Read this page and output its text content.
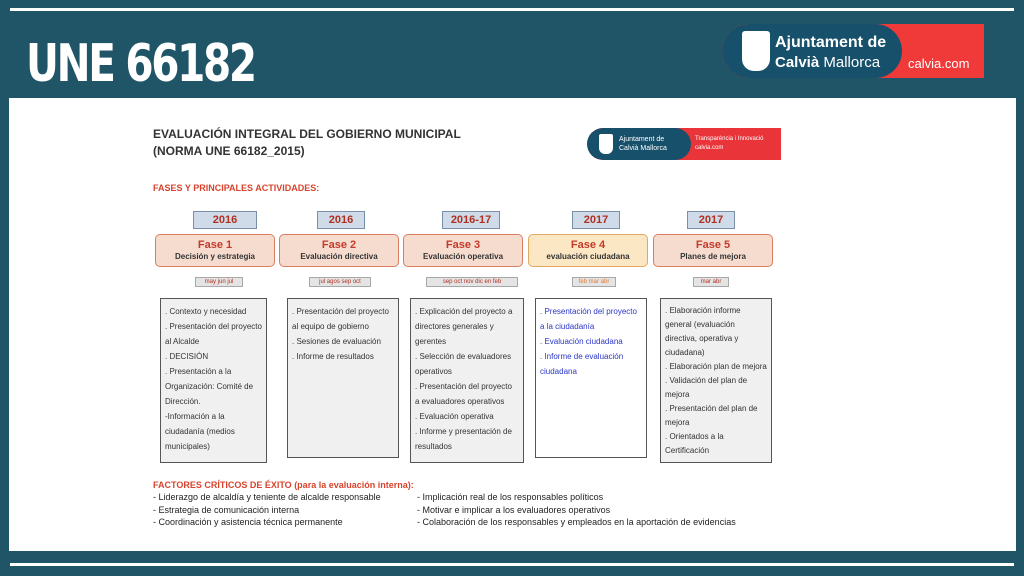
UNE 66182	Ajuntament de
Calvià Mallorca calvia.com
EVALUACIÓN INTEGRAL DEL GOBIERNO MUNICIPAL
(NORMA UNE 66182_2015)
Ajuntament de
Calvià Mallorca
Transparència i Innovació
calvia.com
FASES Y PRINCIPALES ACTIVIDADES:
2016
Fase 1
Decisión y estrategia
may jun jul
. Contexto y necesidad
. Presentación del proyecto
al Alcalde
. DECISIÓN
. Presentación a la
Organización: Comité de
Dirección.
-Información a la
ciudadanía (medios
municipales)
2016
Fase 2
Evaluación directiva
jul agos sep oct
. Presentación del proyecto
al equipo de gobierno
. Sesiones de evaluación
. Informe de resultados
2016-17
Fase 3
Evaluación operativa
sep oct nov dic en feb
. Explicación del proyecto a
directores generales y
gerentes
. Selección de evaluadores
operativos
. Presentación del proyecto
a evaluadores operativos
. Evaluación operativa
. Informe y presentación de
resultados
2017
Fase 4
evaluación ciudadana
feb mar abr
. Presentación del proyecto
a la ciudadanía
. Evaluación ciudadana
. Informe de evaluación
ciudadana
2017
Fase 5
Planes de mejora
mar abr
. Elaboración informe
general (evaluación
directiva, operativa y
ciudadana)
. Elaboración plan de mejora
. Validación del plan de
mejora
. Presentación del plan de
mejora
. Orientados a la
Certificación
FACTORES CRÍTICOS DE ÉXITO (para la evaluación interna):
- Liderazgo de alcaldía y teniente de alcalde responsable
- Estrategia de comunicación interna
- Coordinación y asistencia técnica permanente
- Implicación real de los responsables políticos
- Motivar e implicar a los evaluadores operativos
- Colaboración de los responsables y empleados en la aportación de evidencias
